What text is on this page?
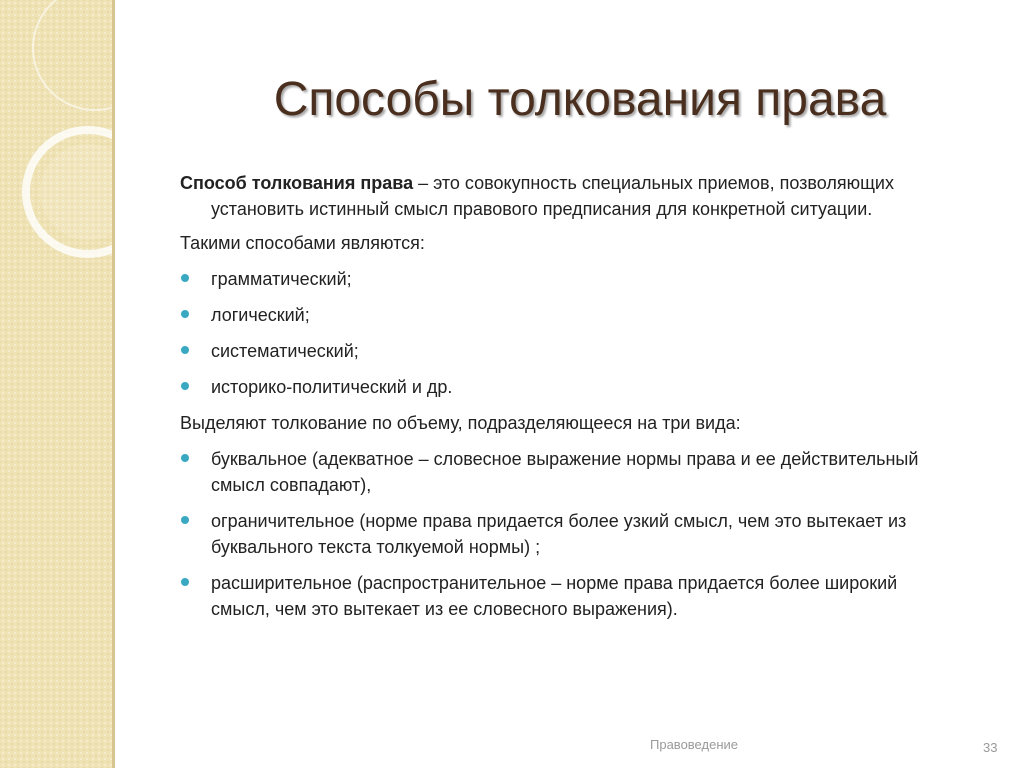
Способы толкования права

Способ толкования права – это совокупность специальных приемов, позволяющих установить истинный смысл правового предписания для конкретной ситуации.

Такими способами являются:

грамматический;
логический;
систематический;
историко-политический и др.

Выделяют толкование по объему, подразделяющееся на три вида:

буквальное (адекватное – словесное выражение нормы права и ее действительный смысл совпадают),
ограничительное (норме права придается более узкий смысл, чем это вытекает из буквального текста толкуемой нормы) ;
расширительное (распространительное – норме права придается более широкий смысл, чем это вытекает из ее словесного выражения).
Правоведение	33
